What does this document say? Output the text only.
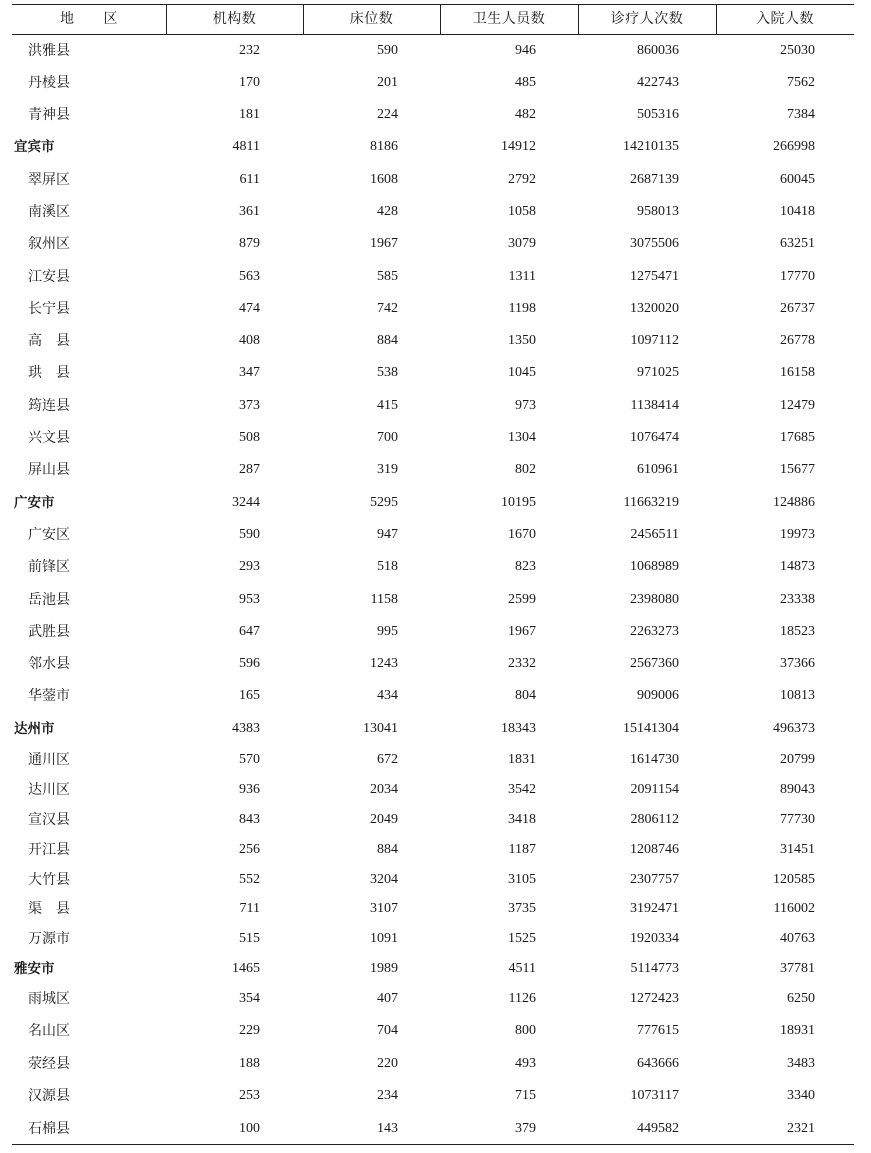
地　　区	机构数	床位数	卫生人员数	诊疗人次数	入院人数
洪雅县	232	590	946	860036	25030
丹棱县	170	201	485	422743	7562
青神县	181	224	482	505316	7384
宜宾市	4811	8186	14912	14210135	266998
翠屏区	611	1608	2792	2687139	60045
南溪区	361	428	1058	958013	10418
叙州区	879	1967	3079	3075506	63251
江安县	563	585	1311	1275471	17770
长宁县	474	742	1198	1320020	26737
高　县	408	884	1350	1097112	26778
珙　县	347	538	1045	971025	16158
筠连县	373	415	973	1138414	12479
兴文县	508	700	1304	1076474	17685
屏山县	287	319	802	610961	15677
广安市	3244	5295	10195	11663219	124886
广安区	590	947	1670	2456511	19973
前锋区	293	518	823	1068989	14873
岳池县	953	1158	2599	2398080	23338
武胜县	647	995	1967	2263273	18523
邻水县	596	1243	2332	2567360	37366
华蓥市	165	434	804	909006	10813
达州市	4383	13041	18343	15141304	496373
通川区	570	672	1831	1614730	20799
达川区	936	2034	3542	2091154	89043
宣汉县	843	2049	3418	2806112	77730
开江县	256	884	1187	1208746	31451
大竹县	552	3204	3105	2307757	120585
渠　县	711	3107	3735	3192471	116002
万源市	515	1091	1525	1920334	40763
雅安市	1465	1989	4511	5114773	37781
雨城区	354	407	1126	1272423	6250
名山区	229	704	800	777615	18931
荥经县	188	220	493	643666	3483
汉源县	253	234	715	1073117	3340
石棉县	100	143	379	449582	2321
